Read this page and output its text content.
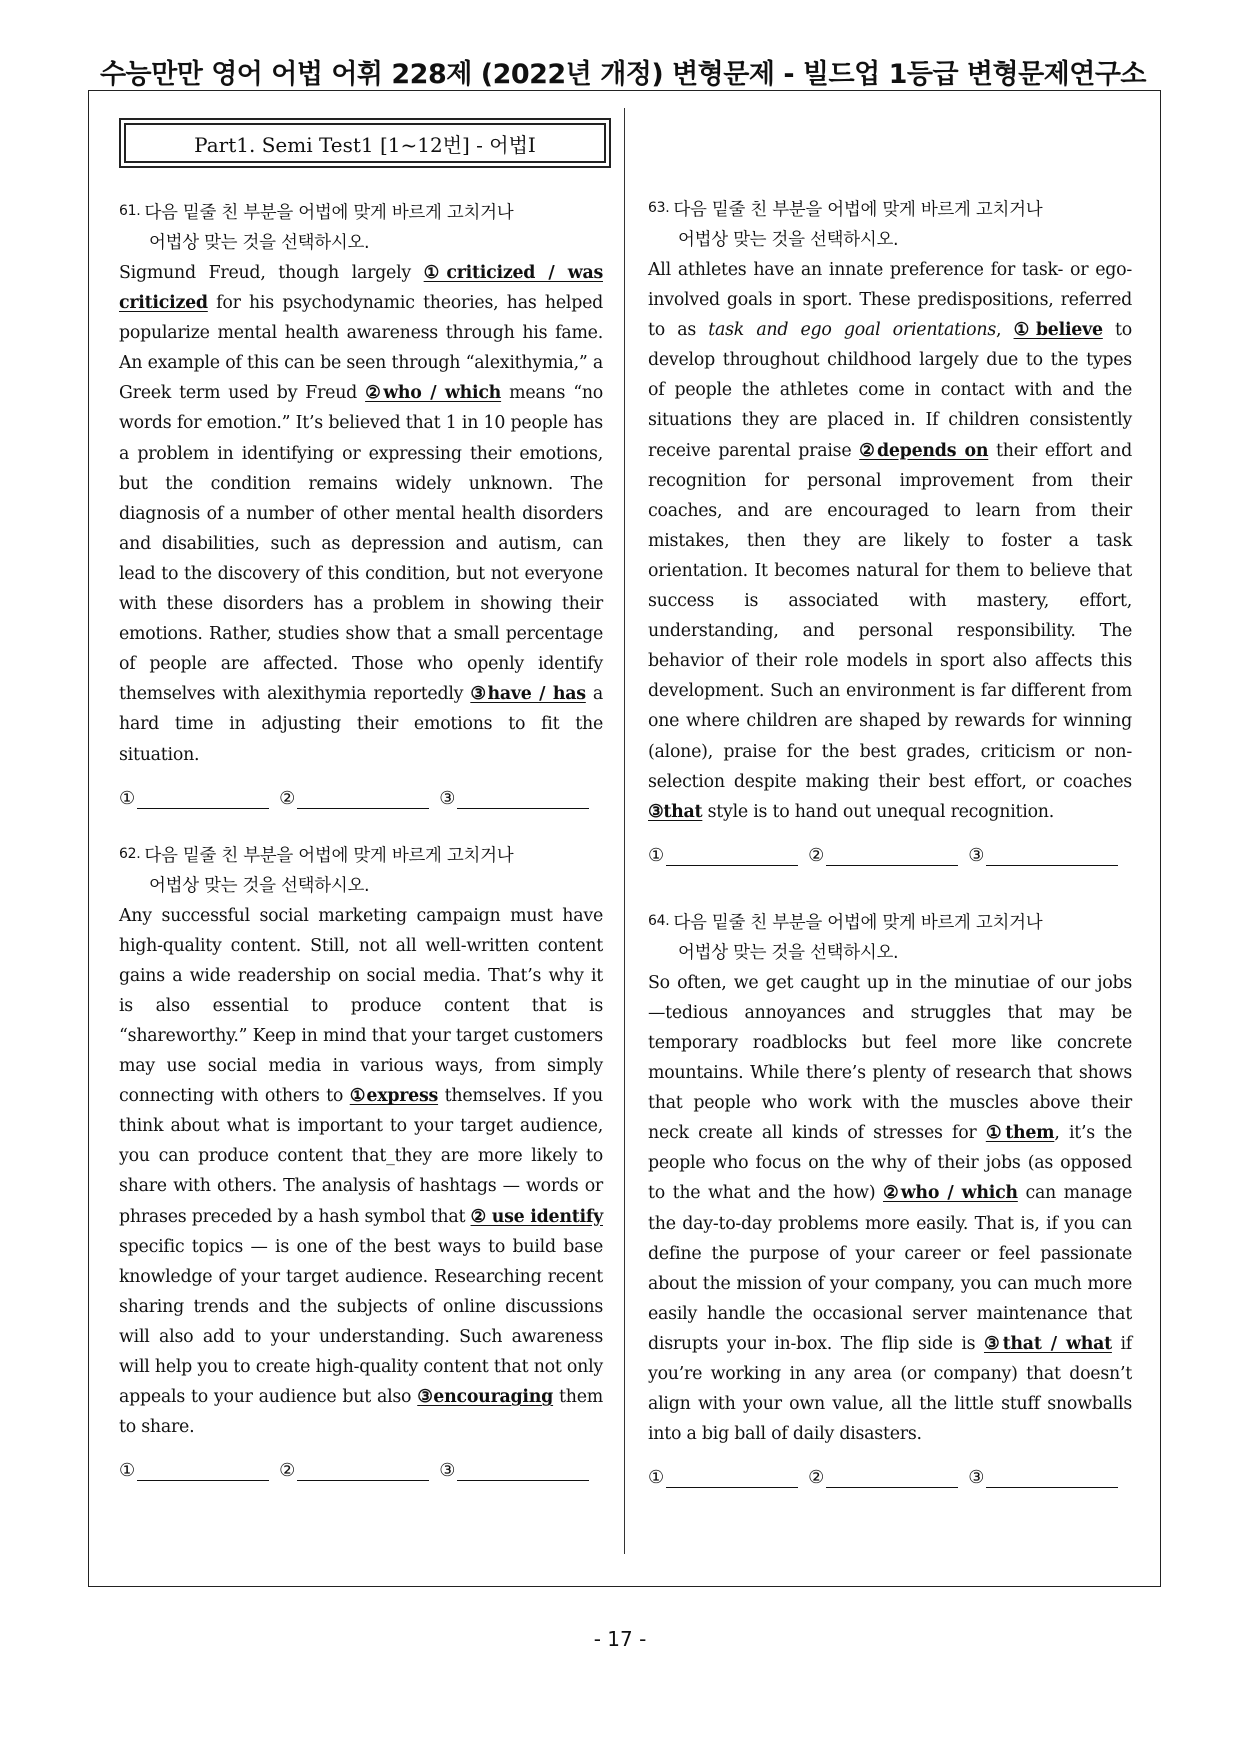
수능만만 영어 어법 어휘 228제 (2022년 개정) 변형문제 - 빌드업 1등급 변형문제연구소
Part1. Semi Test1 [1~12번] - 어법Ⅰ
61. 다음 밑줄 친 부분을 어법에 맞게 바르게 고치거나
어법상 맞는 것을 선택하시오.
Sigmund Freud, though largely ①criticized / was criticized for his psychodynamic theories, has helped popularize mental health awareness through his fame. An example of this can be seen through “alexithymia,” a Greek term used by Freud ②who / which means “no words for emotion.” It’s believed that 1 in 10 people has a problem in identifying or expressing their emotions, but the condition remains widely unknown. The diagnosis of a number of other mental health disorders and disabilities, such as depression and autism, can lead to the discovery of this condition, but not everyone with these disorders has a problem in showing their emotions. Rather, studies show that a small percentage of people are affected. Those who openly identify themselves with alexithymia reportedly ③have / has a hard time in adjusting their emotions to fit the situation.
①	②	③
62. 다음 밑줄 친 부분을 어법에 맞게 바르게 고치거나
어법상 맞는 것을 선택하시오.
Any successful social marketing campaign must have high-quality content. Still, not all well-written content gains a wide readership on social media. That’s why it is also essential to produce content that is “shareworthy.” Keep in mind that your target customers may use social media in various ways, from simply connecting with others to ①express themselves. If you think about what is important to your target audience, you can produce content that_they are more likely to share with others. The analysis of hashtags — words or phrases preceded by a hash symbol that ② use identify specific topics — is one of the best ways to build base knowledge of your target audience. Researching recent sharing trends and the subjects of online discussions will also add to your understanding. Such awareness will help you to create high-quality content that not only appeals to your audience but also ③encouraging them to share.
①	②	③
63. 다음 밑줄 친 부분을 어법에 맞게 바르게 고치거나
어법상 맞는 것을 선택하시오.
All athletes have an innate preference for task- or ego-involved goals in sport. These predispositions, referred to as task and ego goal orientations, ①believe to develop throughout childhood largely due to the types of people the athletes come in contact with and the situations they are placed in. If children consistently receive parental praise ②depends on their effort and recognition for personal improvement from their coaches, and are encouraged to learn from their mistakes, then they are likely to foster a task orientation. It becomes natural for them to believe that success is associated with mastery, effort, understanding, and personal responsibility. The behavior of their role models in sport also affects this development. Such an environment is far different from one where children are shaped by rewards for winning (alone), praise for the best grades, criticism or non-selection despite making their best effort, or coaches ③that style is to hand out unequal recognition.
①	②	③
64. 다음 밑줄 친 부분을 어법에 맞게 바르게 고치거나
어법상 맞는 것을 선택하시오.
So often, we get caught up in the minutiae of our jobs —tedious annoyances and struggles that may be temporary roadblocks but feel more like concrete mountains. While there’s plenty of research that shows that people who work with the muscles above their neck create all kinds of stresses for ①them, it’s the people who focus on the why of their jobs (as opposed to the what and the how) ②who / which can manage the day-to-day problems more easily. That is, if you can define the purpose of your career or feel passionate about the mission of your company, you can much more easily handle the occasional server maintenance that disrupts your in-box. The flip side is ③that / what if you’re working in any area (or company) that doesn’t align with your own value, all the little stuff snowballs into a big ball of daily disasters.
①	②	③
- 17 -
